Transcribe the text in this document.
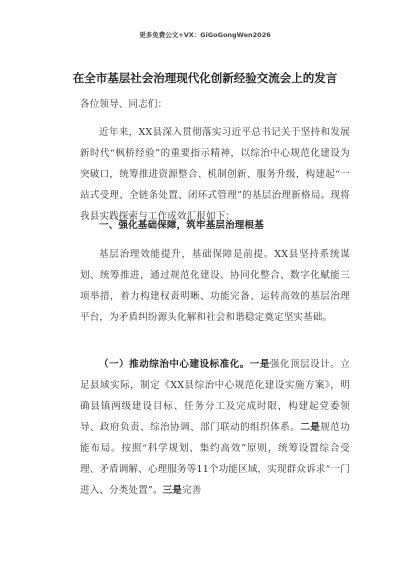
更多免费公文+VX：GiGoGongWen2026
在全市基层社会治理现代化创新经验交流会上的发言

各位领导、同志们：

近年来，XX县深入贯彻落实习近平总书记关于坚持和发展新时代“枫桥经验”的重要指示精神，以综治中心规范化建设为突破口，统筹推进资源整合、机制创新、服务升级，构建起“一站式受理、全链条处置、闭环式管理”的基层治理新格局。现将我县实践探索与工作成效汇报如下：

一、强化基础保障，筑牢基层治理根基

基层治理效能提升，基础保障是前提。XX县坚持系统谋划、统筹推进，通过规范化建设、协同化整合、数字化赋能三项举措，着力构建权责明晰、功能完备、运转高效的基层治理平台，为矛盾纠纷源头化解和社会和谐稳定奠定坚实基础。

（一）推动综治中心建设标准化。一是强化顶层设计。立足县域实际，制定《XX县综治中心规范化建设实施方案》，明确县镇两级建设目标、任务分工及完成时限，构建起党委领导、政府负责、综治协调、部门联动的组织体系。二是规范功能布局。按照“科学规划、集约高效”原则，统筹设置综合受理、矛盾调解、心理服务等11个功能区域，实现群众诉求“一门进入、分类处置”。三是完善
